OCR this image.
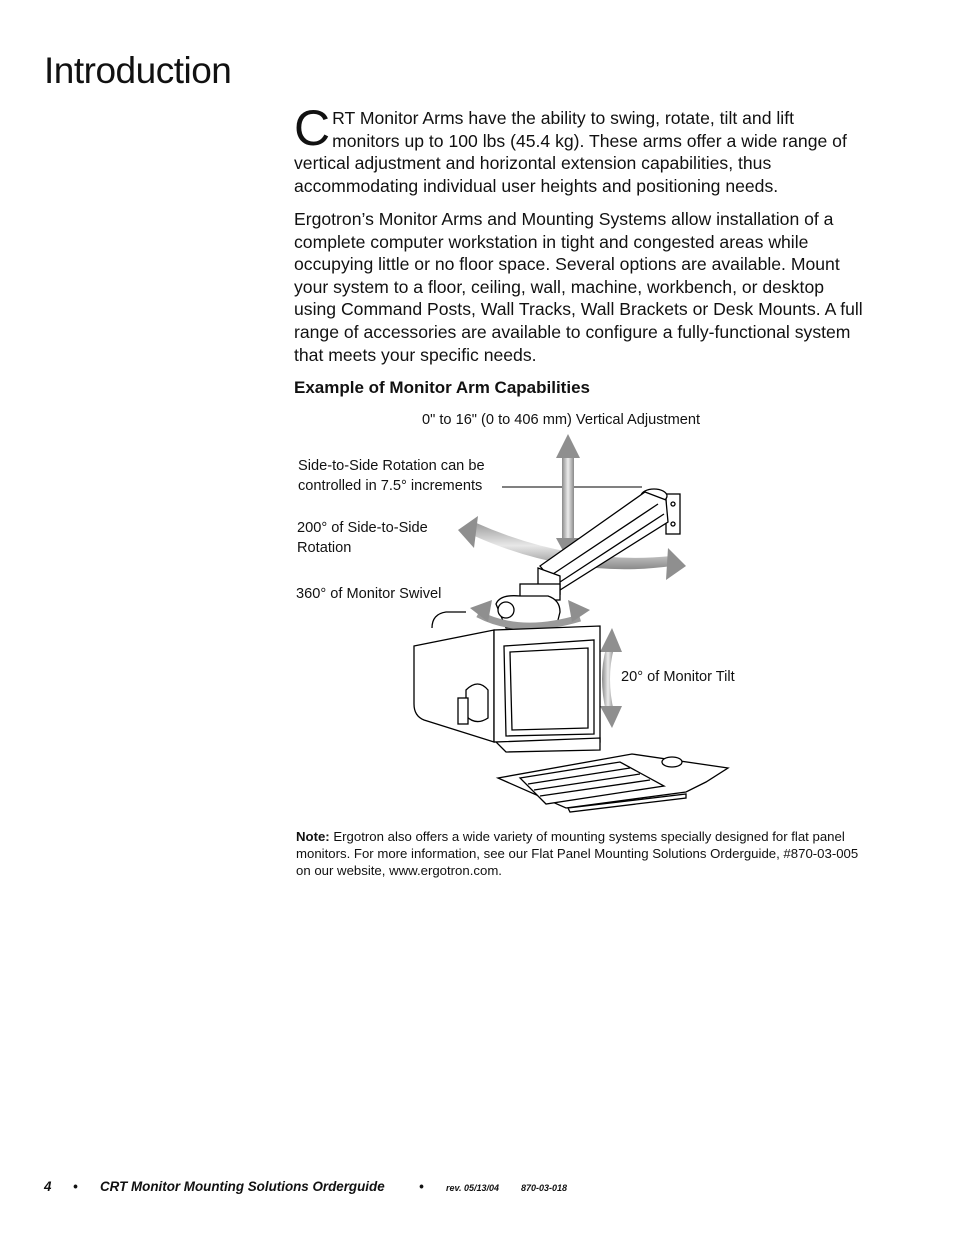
Introduction

CRT Monitor Arms have the ability to swing, rotate, tilt and lift monitors up to 100 lbs (45.4 kg). These arms offer a wide range of vertical adjustment and horizontal extension capabilities, thus accommodating individual user heights and positioning needs.

Ergotron’s Monitor Arms and Mounting Systems allow installation of a complete computer workstation in tight and congested areas while occupying little or no floor space. Several options are available. Mount your system to a floor, ceiling, wall, machine, workbench, or desktop using Command Posts, Wall Tracks, Wall Brackets or Desk Mounts. A full range of accessories are available to configure a fully-functional system that meets your specific needs.

Example of Monitor Arm Capabilities

0" to 16" (0 to 406 mm) Vertical Adjustment

Side-to-Side Rotation can be
controlled in 7.5° increments
200° of Side-to-Side
Rotation

360° of Monitor Swivel

20° of Monitor Tilt

Note: Ergotron also offers a wide variety of mounting systems specially designed for flat panel monitors. For more information, see our Flat Panel Mounting Solutions Orderguide, #870-03-005 on our website, www.ergotron.com.

4 • CRT Monitor Mounting Solutions Orderguide	• rev. 05/13/04 870-03-018
